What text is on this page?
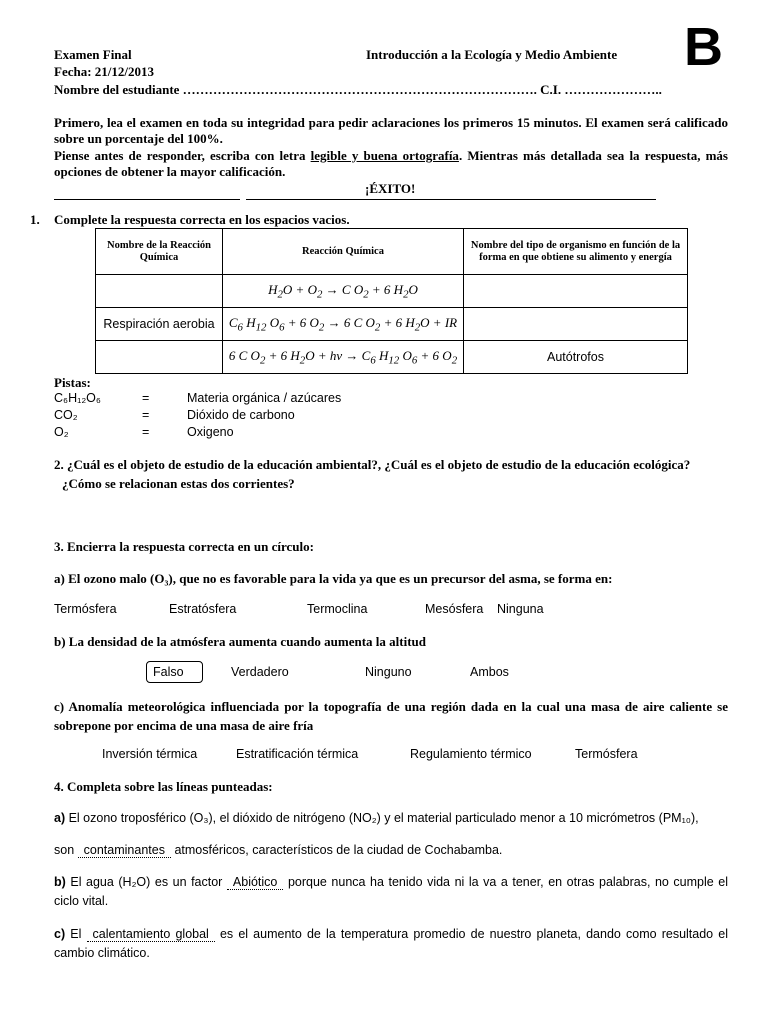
Examen Final	Introducción a la Ecología y Medio Ambiente B
Fecha: 21/12/2013
Nombre del estudiante ………………………………………………………………………. C.I. …………………..
Primero, lea el examen en toda su integridad para pedir aclaraciones los primeros 15 minutos. El examen será calificado sobre un porcentaje del 100%.
Piense antes de responder, escriba con letra legible y buena ortografía. Mientras más detallada sea la respuesta, más opciones de obtener la mayor calificación.
¡ÉXITO!
1. Complete la respuesta correcta en los espacios vacios.
Nombre de la Reacción Química	Reacción Química	Nombre del tipo de organismo en función de la forma en que obtiene su alimento y energía
	$H_2O + O_2 \to C$ $O_2 + 6$ $H_2O$	
Respiración aerobia	$C_6$ $H_{12}$ $O_6 + 6$ $O_2 \to 6$ C $O_2 + 6$ $H_2O$ + IR	
	6 C $O_2 + 6$ $H_2O$ + hv → $C_6$ $H_{12}$ $O_6 + 6$ $O_2$	Autótrofos
Pistas:
C₆H₁₂O₆	=	Materia orgánica / azúcares
CO₂	=	Dióxido de carbono
O₂	=	Oxigeno
2. ¿Cuál es el objeto de estudio de la educación ambiental?, ¿Cuál es el objeto de estudio de la educación ecológica?
¿Cómo se relacionan estas dos corrientes?
3. Encierra la respuesta correcta en un círculo:
a) El ozono malo (O₃), que no es favorable para la vida ya que es un precursor del asma, se forma en:
Termósfera	Estratósfera	Termoclina	Mesósfera Ninguna
b) La densidad de la atmósfera aumenta cuando aumenta la altitud
Falso	Verdadero	Ninguno	Ambos
c) Anomalía meteorológica influenciada por la topografía de una región dada en la cual una masa de aire caliente se sobrepone por encima de una masa de aire fría
Inversión térmica	Estratificación térmica	Regulamiento térmico	Termósfera
4. Completa sobre las líneas punteadas:
a) El ozono troposférico (O₃), el dióxido de nitrógeno (NO₂) y el material particulado menor a 10 micrómetros (PM₁₀),
son contaminantes atmosféricos, característicos de la ciudad de Cochabamba.
b) El agua (H₂O) es un factor Abiótico porque nunca ha tenido vida ni la va a tener, en otras palabras, no cumple el ciclo vital.
c) El calentamiento global es el aumento de la temperatura promedio de nuestro planeta, dando como resultado el cambio climático.
